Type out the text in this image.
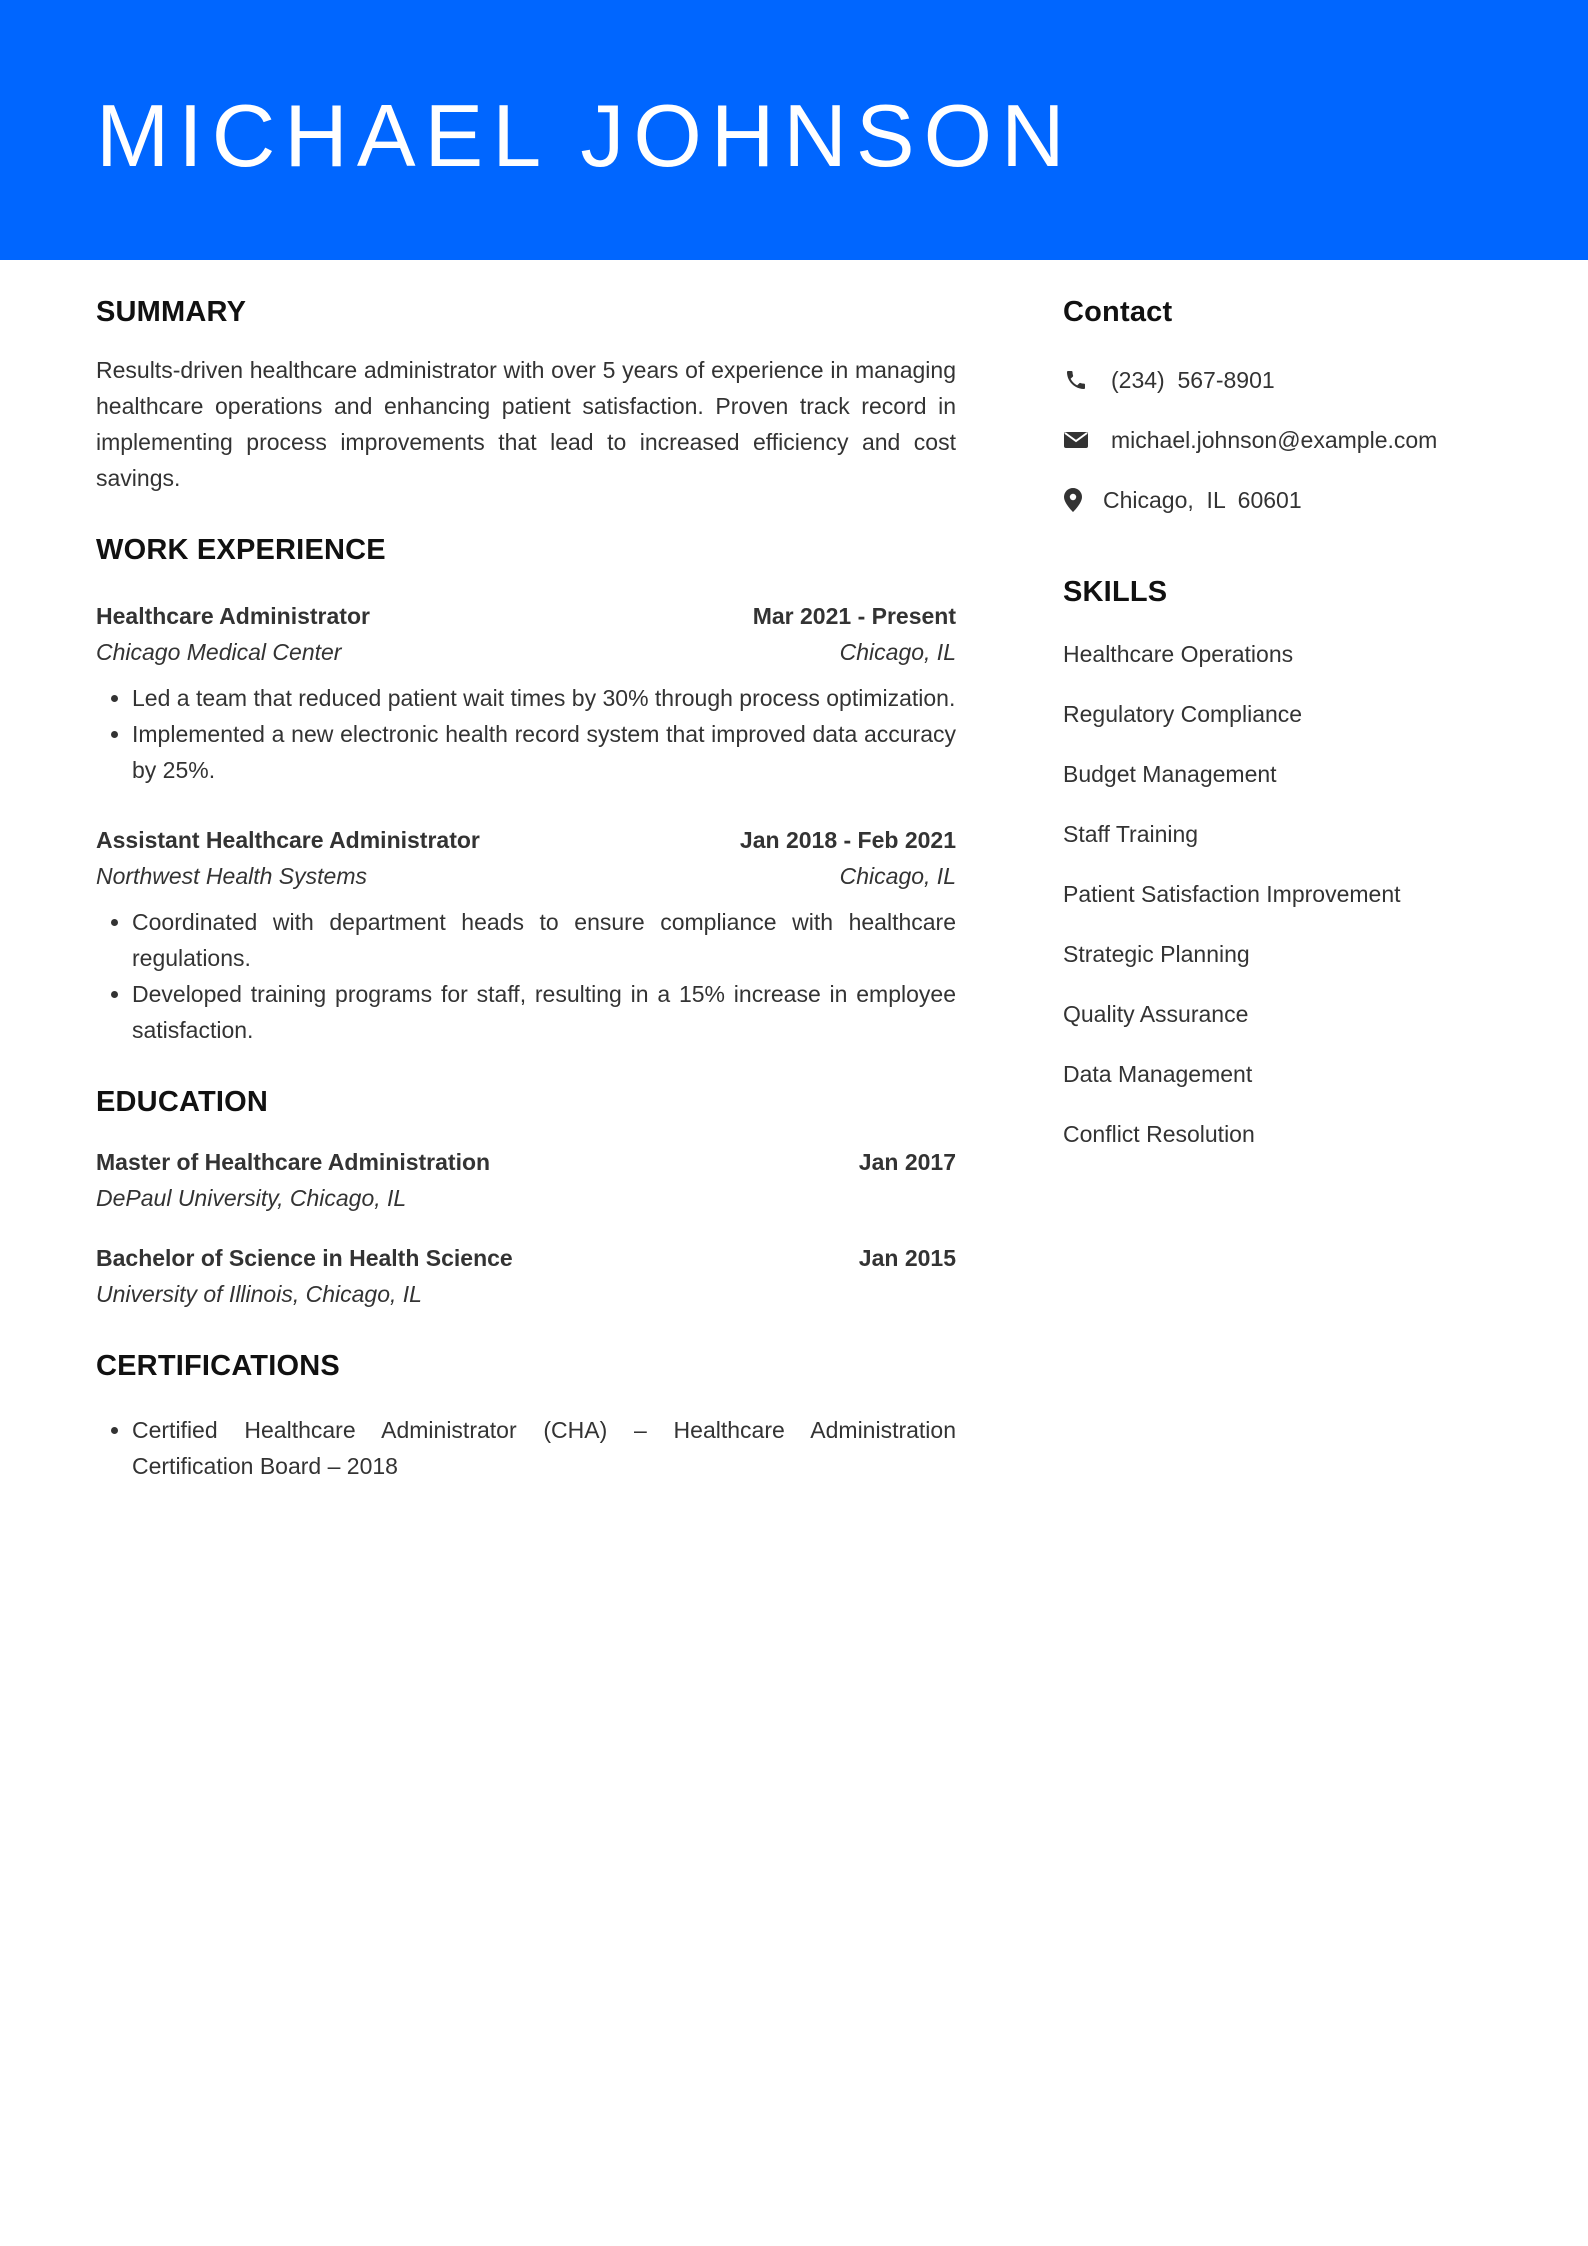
MICHAEL JOHNSON
SUMMARY

Results-driven healthcare administrator with over 5 years of experience in managing healthcare operations and enhancing patient satisfaction. Proven track record in implementing process improvements that lead to increased efficiency and cost savings.

WORK EXPERIENCE
Healthcare Administrator	Mar 2021 - Present
Chicago Medical Center	Chicago, IL
• Led a team that reduced patient wait times by 30% through process optimization.
• Implemented a new electronic health record system that improved data accuracy by 25%.
Assistant Healthcare Administrator	Jan 2018 - Feb 2021
Northwest Health Systems	Chicago, IL
• Coordinated with department heads to ensure compliance with healthcare regulations.
• Developed training programs for staff, resulting in a 15% increase in employee satisfaction.
EDUCATION
Master of Healthcare Administration	Jan 2017
DePaul University, Chicago, IL
Bachelor of Science in Health Science	Jan 2015
University of Illinois, Chicago, IL
CERTIFICATIONS
• Certified Healthcare Administrator (CHA) – Healthcare Administration Certification Board – 2018
Contact
(234)  567-8901
michael.johnson@example.com
Chicago,  IL  60601
SKILLS
Healthcare Operations
Regulatory Compliance
Budget Management
Staff Training
Patient Satisfaction Improvement
Strategic Planning
Quality Assurance
Data Management
Conflict Resolution
